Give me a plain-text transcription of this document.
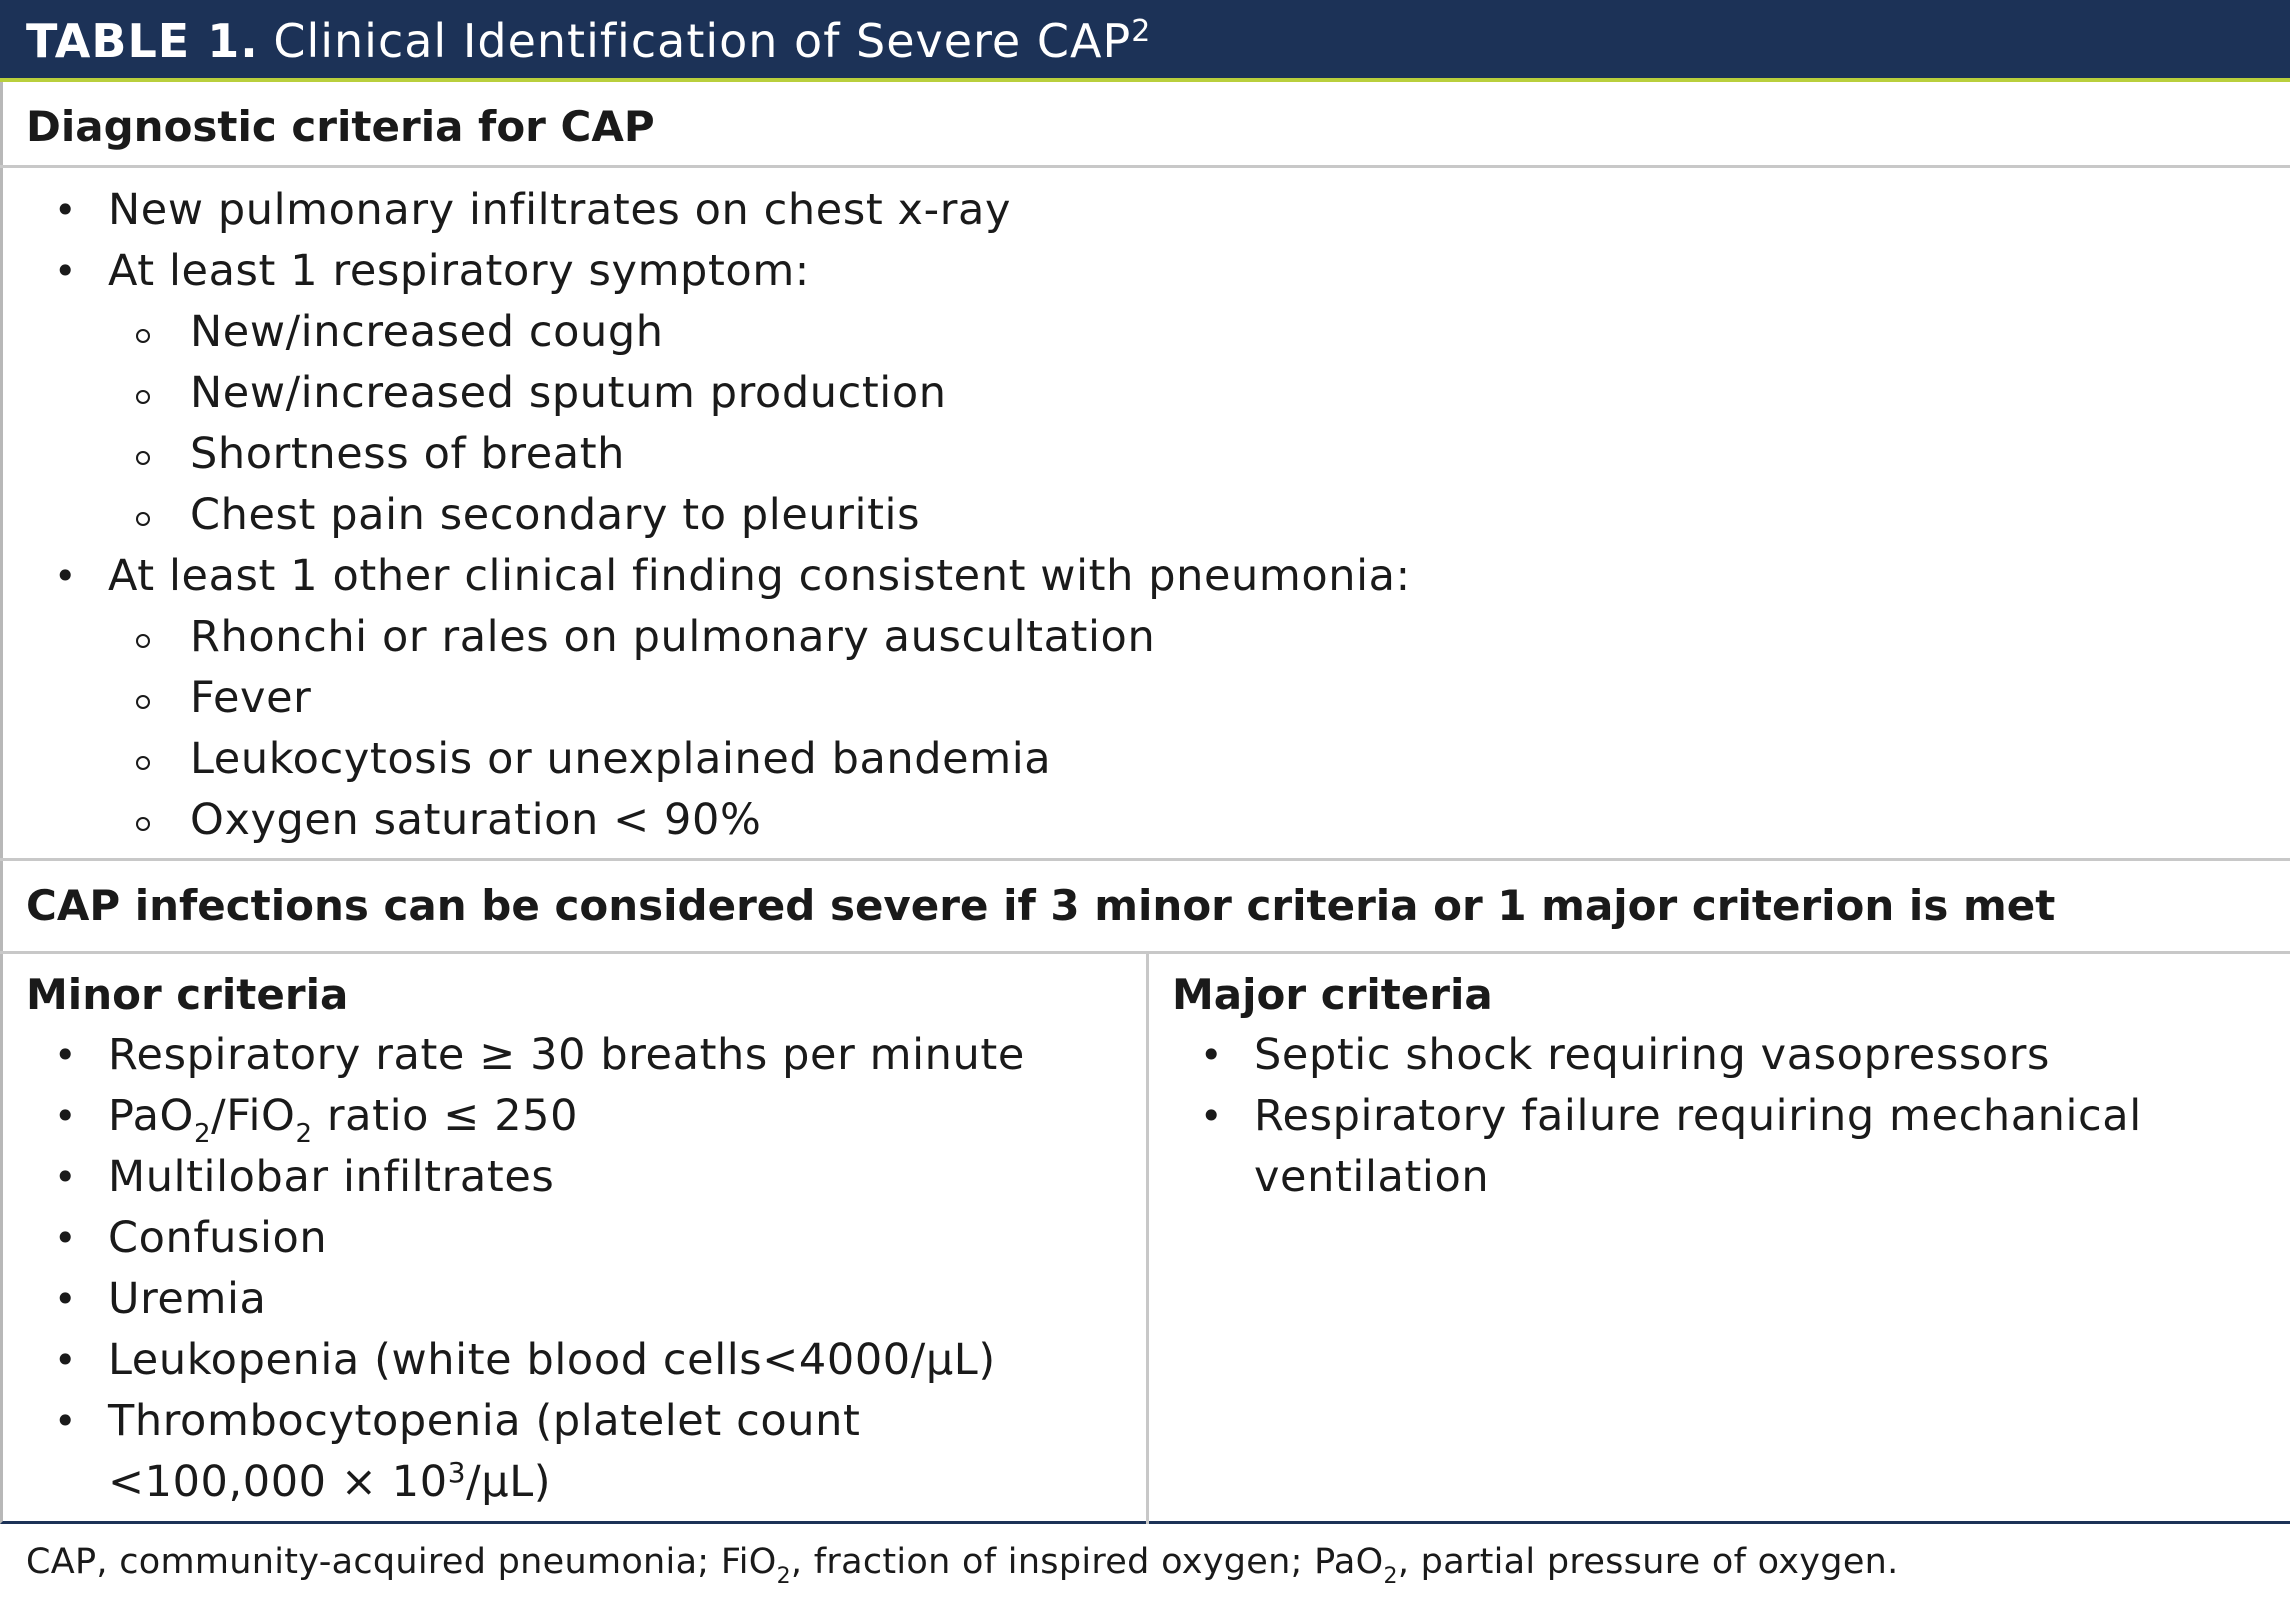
TABLE 1. Clinical Identification of Severe CAP$^2$
Diagnostic criteria for CAP
• New pulmonary infiltrates on chest x-ray
• At least 1 respiratory symptom:
New/increased cough
New/increased sputum production
Shortness of breath
Chest pain secondary to pleuritis
• At least 1 other clinical finding consistent with pneumonia:
Rhonchi or rales on pulmonary auscultation
Fever
Leukocytosis or unexplained bandemia
Oxygen saturation < 90%
CAP infections can be considered severe if 3 minor criteria or 1 major criterion is met
Minor criteria
• Respiratory rate ≥ 30 breaths per minute
• PaO$_2$/FiO$_2$ ratio ≤ 250
• Multilobar infiltrates
• Confusion
• Uremia
• Leukopenia (white blood cells<4000/µL)
• Thrombocytopenia (platelet count
$<100,000 \times 10^3/\mu L$)
Major criteria
• Septic shock requiring vasopressors
• Respiratory failure requiring mechanical
ventilation
CAP, community-acquired pneumonia; FiO$_2$, fraction of inspired oxygen; PaO$_2$, partial pressure of oxygen.
